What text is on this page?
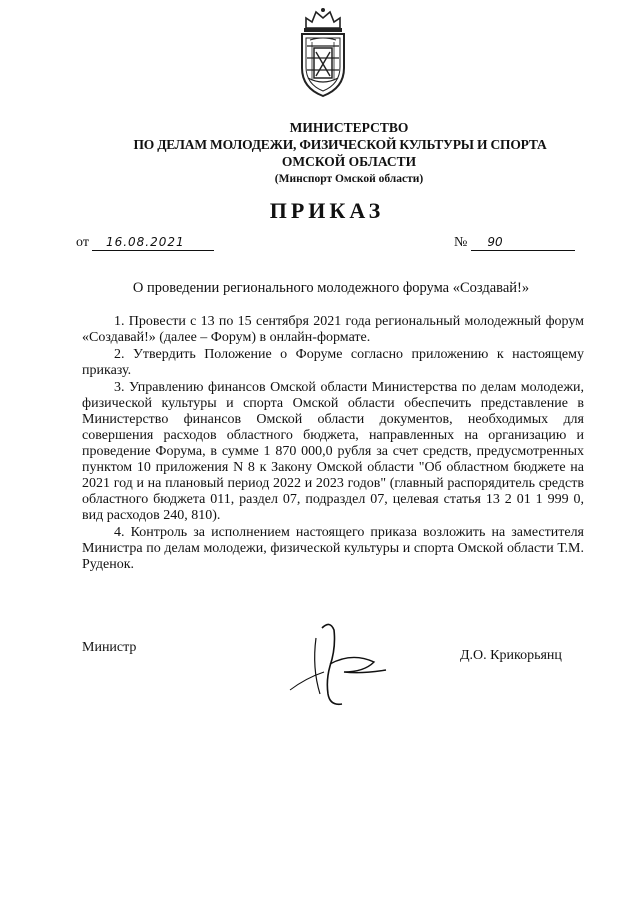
МИНИСТЕРСТВО
ПО ДЕЛАМ МОЛОДЕЖИ, ФИЗИЧЕСКОЙ КУЛЬТУРЫ И СПОРТА
ОМСКОЙ ОБЛАСТИ
(Минспорт Омской области)
ПРИКАЗ
от 16.08.2021	№ 90
О проведении регионального молодежного форума «Создавай!»

1. Провести с 13 по 15 сентября 2021 года региональный молодежный форум «Создавай!» (далее – Форум) в онлайн-формате.

2. Утвердить Положение о Форуме согласно приложению к настоящему приказу.

3. Управлению финансов Омской области Министерства по делам молодежи, физической культуры и спорта Омской области обеспечить представление в Министерство финансов Омской области документов, необходимых для совершения расходов областного бюджета, направленных на организацию и проведение Форума, в сумме 1 870 000,0 рубля за счет средств, предусмотренных пунктом 10 приложения N 8 к Закону Омской области "Об областном бюджете на 2021 год и на плановый период 2022 и 2023 годов" (главный распорядитель средств областного бюджета 011, раздел 07, подраздел 07, целевая статья 13 2 01 1 999 0, вид расходов 240, 810).

4. Контроль за исполнением настоящего приказа возложить на заместителя Министра по делам молодежи, физической культуры и спорта Омской области Т.М. Руденок.

Министр
Д.О. Крикорьянц
